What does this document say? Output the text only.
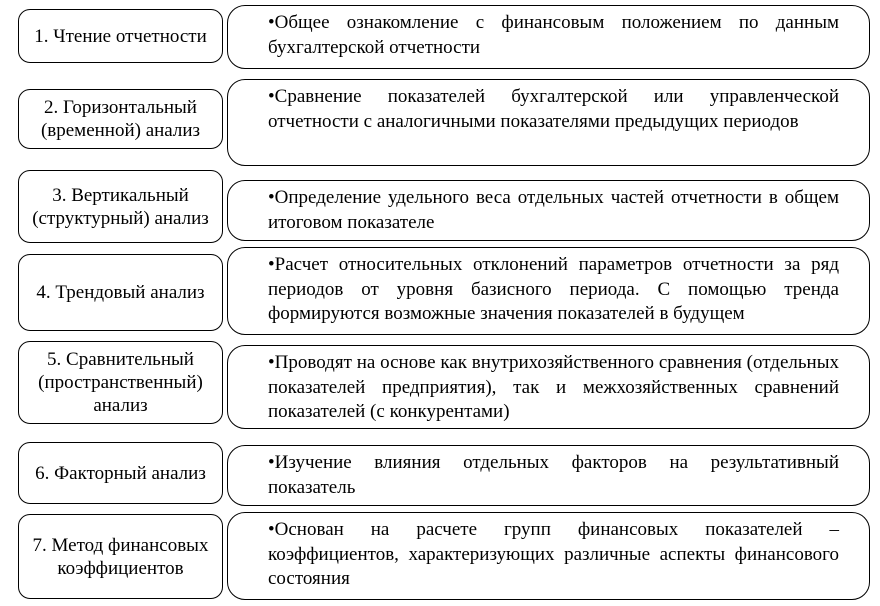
1. Чтение отчетности
•Общее ознакомление с финансовым положением по данным бухгалтерской отчетности
2. Горизонтальный (временной) анализ
•Сравнение показателей бухгалтерской или управленческой отчетности с аналогичными показателями предыдущих периодов
3. Вертикальный (структурный) анализ
•Определение удельного веса отдельных частей отчетности в общем итоговом показателе
4. Трендовый анализ
•Расчет относительных отклонений параметров отчетности за ряд периодов от уровня базисного периода. С помощью тренда формируются возможные значения показателей в будущем
5. Сравнительный (пространственный) анализ
•Проводят на основе как внутрихозяйственного сравнения (отдельных показателей предприятия), так и межхозяйственных сравнений показателей (с конкурентами)
6. Факторный анализ	•Изучение влияния отдельных факторов на результативный показатель
7. Метод финансовых коэффициентов
•Основан на расчете групп финансовых показателей – коэффициентов, характеризующих различные аспекты финансового состояния
